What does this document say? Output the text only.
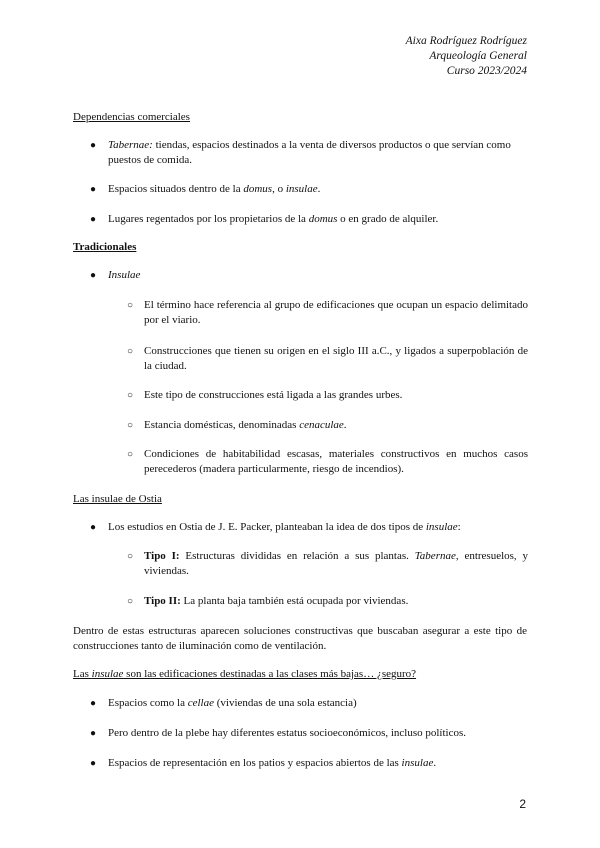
Aixa Rodríguez Rodríguez
Arqueología General
Curso 2023/2024
Dependencias comerciales
● Tabernae: tiendas, espacios destinados a la venta de diversos productos o que servían como puestos de comida.
● Espacios situados dentro de la domus, o insulae.
● Lugares regentados por los propietarios de la domus o en grado de alquiler.
Tradicionales
● Insulae
○ El término hace referencia al grupo de edificaciones que ocupan un espacio delimitado por el viario.
○ Construcciones que tienen su origen en el siglo III a.C., y ligados a superpoblación de la ciudad.
○ Este tipo de construcciones está ligada a las grandes urbes.
○ Estancia domésticas, denominadas cenaculae.
○ Condiciones de habitabilidad escasas, materiales constructivos en muchos casos perecederos (madera particularmente, riesgo de incendios).
Las insulae de Ostia
● Los estudios en Ostia de J. E. Packer, planteaban la idea de dos tipos de insulae:
○ Tipo I: Estructuras divididas en relación a sus plantas. Tabernae, entresuelos, y viviendas.
○ Tipo II: La planta baja también está ocupada por viviendas.
Dentro de estas estructuras aparecen soluciones constructivas que buscaban asegurar a este tipo de construcciones tanto de iluminación como de ventilación.
Las insulae son las edificaciones destinadas a las clases más bajas… ¿seguro?
● Espacios como la cellae (viviendas de una sola estancia)
● Pero dentro de la plebe hay diferentes estatus socioeconómicos, incluso políticos.
● Espacios de representación en los patios y espacios abiertos de las insulae.
2
